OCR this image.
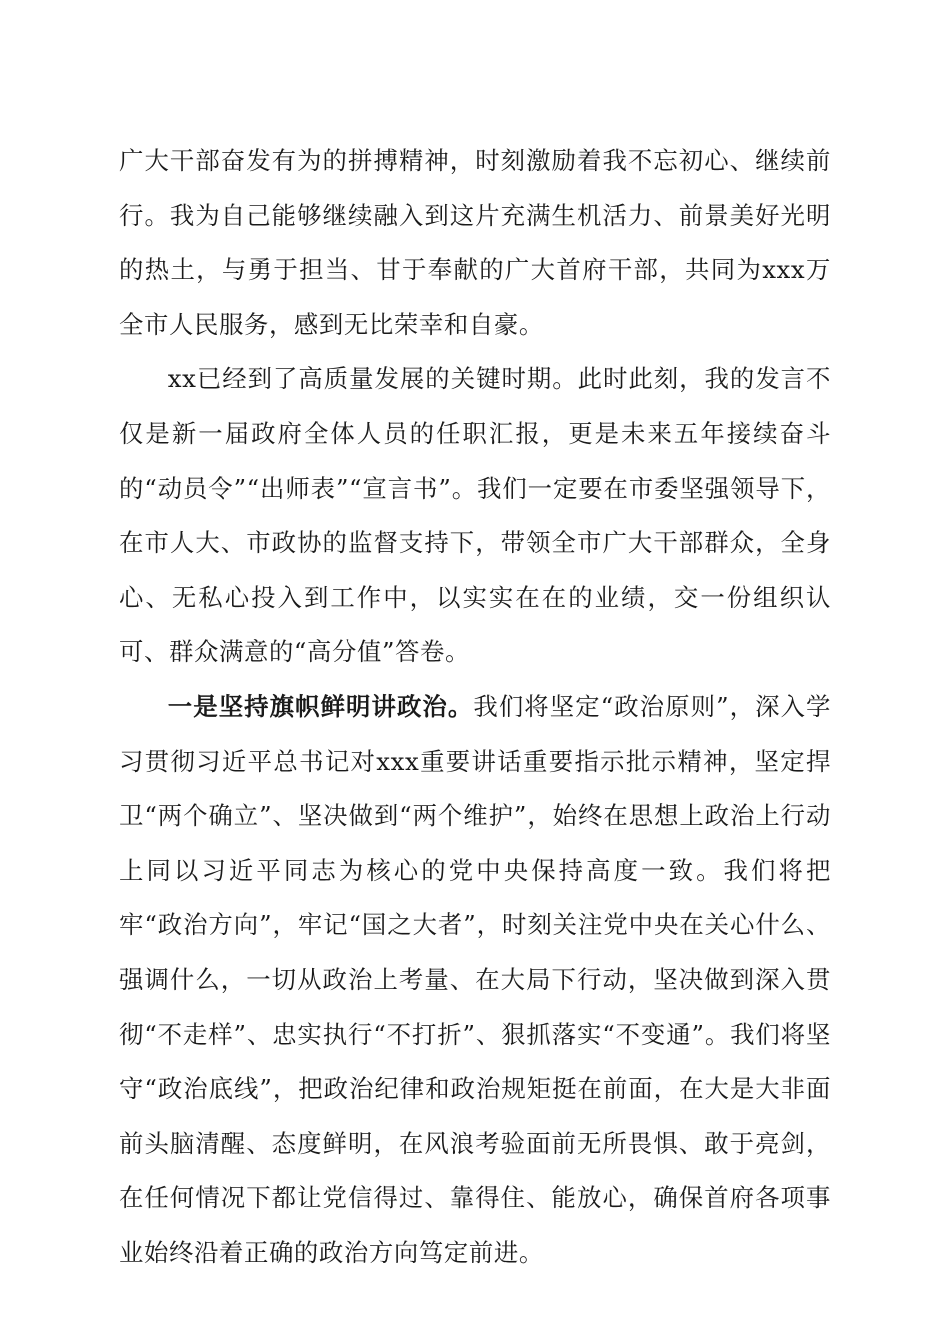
广大干部奋发有为的拼搏精神，时刻激励着我不忘初心、继续前行。我为自己能够继续融入到这片充满生机活力、前景美好光明的热土，与勇于担当、甘于奉献的广大首府干部，共同为xxx万全市人民服务，感到无比荣幸和自豪。

xx已经到了高质量发展的关键时期。此时此刻，我的发言不仅是新一届政府全体人员的任职汇报，更是未来五年接续奋斗的“动员令”“出师表”“宣言书”。我们一定要在市委坚强领导下，在市人大、市政协的监督支持下，带领全市广大干部群众，全身心、无私心投入到工作中，以实实在在的业绩，交一份组织认可、群众满意的“高分值”答卷。

一是坚持旗帜鲜明讲政治。我们将坚定“政治原则”，深入学习贯彻习近平总书记对xxx重要讲话重要指示批示精神，坚定捍卫“两个确立”、坚决做到“两个维护”，始终在思想上政治上行动上同以习近平同志为核心的党中央保持高度一致。我们将把牢“政治方向”，牢记“国之大者”，时刻关注党中央在关心什么、强调什么，一切从政治上考量、在大局下行动，坚决做到深入贯彻“不走样”、忠实执行“不打折”、狠抓落实“不变通”。我们将坚守“政治底线”，把政治纪律和政治规矩挺在前面，在大是大非面前头脑清醒、态度鲜明，在风浪考验面前无所畏惧、敢于亮剑，在任何情况下都让党信得过、靠得住、能放心，确保首府各项事业始终沿着正确的政治方向笃定前进。
